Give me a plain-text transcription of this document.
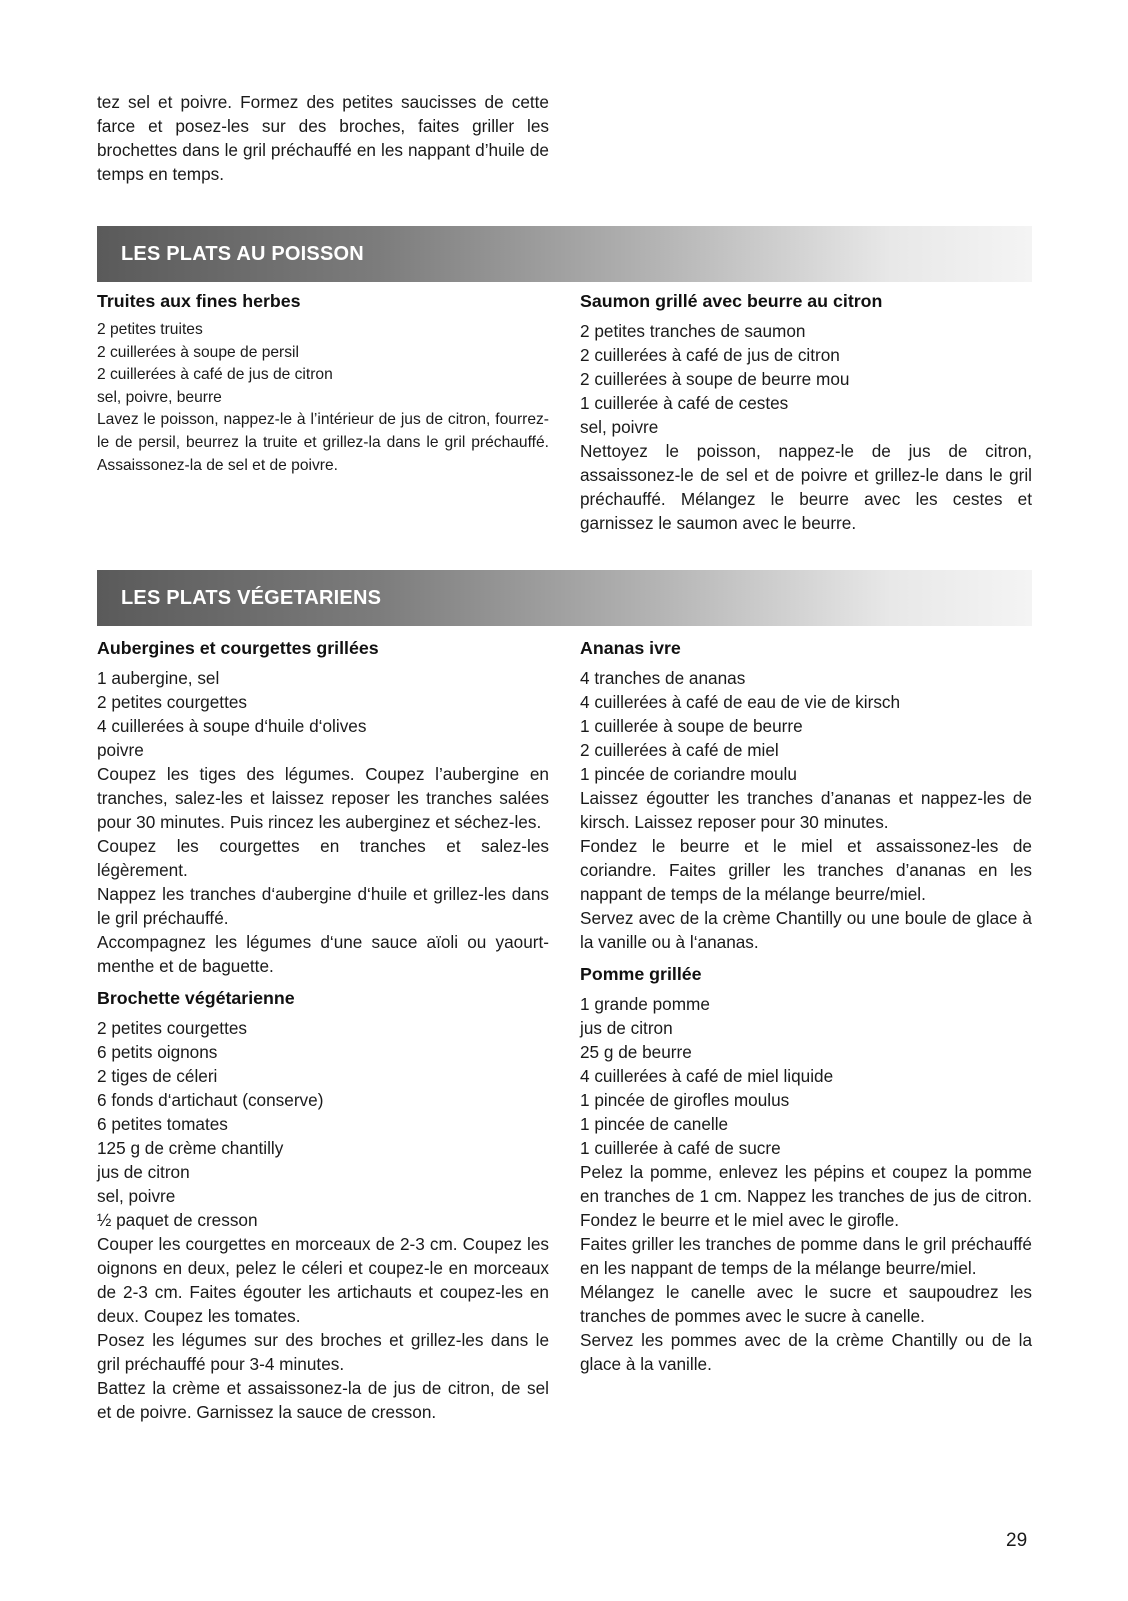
tez sel et poivre. Formez des petites saucisses de cette farce et posez-les sur des broches, faites griller les brochettes dans le gril préchauffé en les nappant d’huile de temps en temps.

LES PLATS AU POISSON
Truites aux fines herbes
2 petites truites
2 cuillerées à soupe de persil
2 cuillerées à café de jus de citron
sel, poivre, beurre

Lavez le poisson, nappez-le à l’intérieur de jus de citron, fourrez-le de persil, beurrez la truite et grillez-la dans le gril préchauffé. Assaissonez-la de sel et de poivre.

Saumon grillé avec beurre au citron
2 petites tranches de saumon
2 cuillerées à café de jus de citron
2 cuillerées à soupe de beurre mou
1 cuillerée à café de cestes
sel, poivre

Nettoyez le poisson, nappez-le de jus de citron, assaissonez-le de sel et de poivre et grillez-le dans le gril préchauffé. Mélangez le beurre avec les cestes et garnissez le saumon avec le beurre.

LES PLATS VÉGETARIENS
Aubergines et courgettes grillées
1 aubergine, sel
2 petites courgettes
4 cuillerées à soupe d‘huile d‘olives
poivre

Coupez les tiges des légumes. Coupez l’aubergine en tranches, salez-les et laissez reposer les tranches salées pour 30 minutes. Puis rincez les auberginez et séchez-les.

Coupez les courgettes en tranches et salez-les légèrement.

Nappez les tranches d‘aubergine d‘huile et grillez-les dans le gril préchauffé.

Accompagnez les légumes d‘une sauce aïoli ou yaourt-menthe et de baguette.

Brochette végétarienne
2 petites courgettes
6 petits oignons
2 tiges de céleri
6 fonds d‘artichaut (conserve)
6 petites tomates
125 g de crème chantilly
jus de citron
sel, poivre
½ paquet de cresson

Couper les courgettes en morceaux de 2-3 cm. Coupez les oignons en deux, pelez le céleri et coupez-le en morceaux de 2-3 cm. Faites égouter les artichauts et coupez-les en deux. Coupez les tomates.

Posez les légumes sur des broches et grillez-les dans le gril préchauffé pour 3-4 minutes.

Battez la crème et assaissonez-la de jus de citron, de sel et de poivre. Garnissez la sauce de cresson.

Ananas ivre
4 tranches de ananas
4 cuillerées à café de eau de vie de kirsch
1 cuillerée à soupe de beurre
2 cuillerées à café de miel
1 pincée de coriandre moulu

Laissez égoutter les tranches d’ananas et nappez-les de kirsch. Laissez reposer pour 30 minutes.

Fondez le beurre et le miel et assaissonez-les de coriandre. Faites griller les tranches d’ananas en les nappant de temps de la mélange beurre/miel.

Servez avec de la crème Chantilly ou une boule de glace à la vanille ou à l‘ananas.

Pomme grillée
1 grande pomme
jus de citron
25 g de beurre
4 cuillerées à café de miel liquide
1 pincée de girofles moulus
1 pincée de canelle
1 cuillerée à café de sucre

Pelez la pomme, enlevez les pépins et coupez la pomme en tranches de 1 cm. Nappez les tranches de jus de citron. Fondez le beurre et le miel avec le girofle.

Faites griller les tranches de pomme dans le gril préchauffé en les nappant de temps de la mélange beurre/miel.

Mélangez le canelle avec le sucre et saupoudrez les tranches de pommes avec le sucre à canelle.

Servez les pommes avec de la crème Chantilly ou de la glace à la vanille.

29
